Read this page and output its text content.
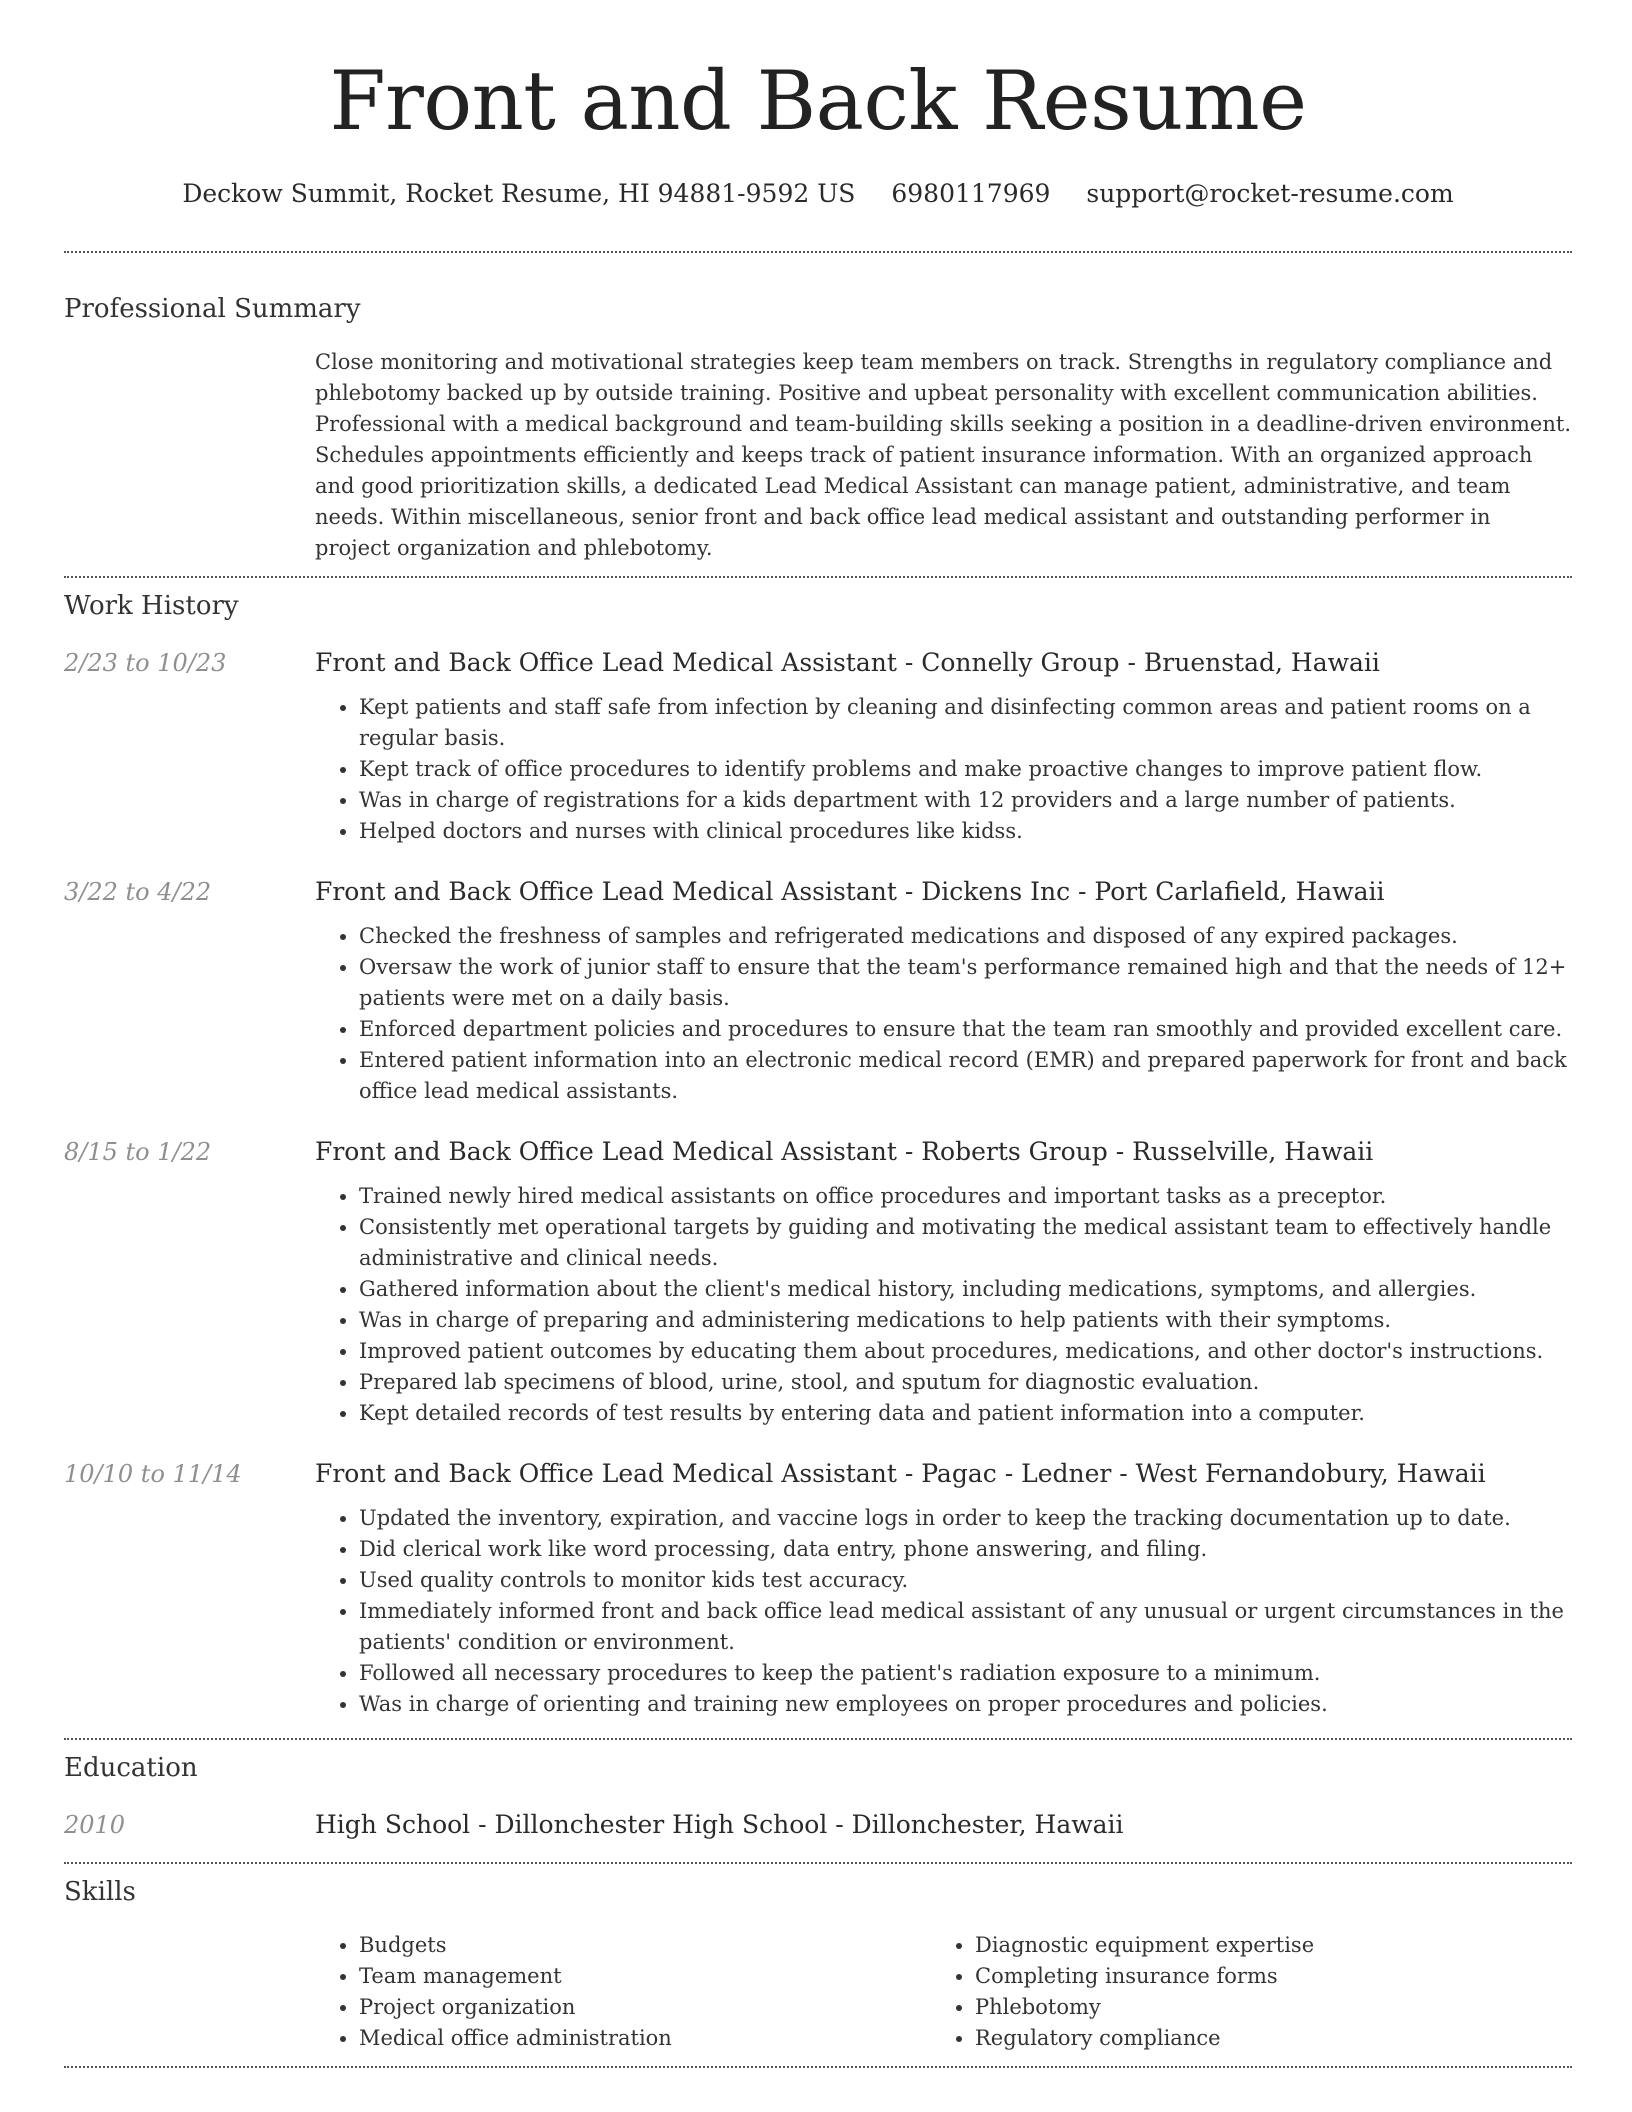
Front and Back Resume
Deckow Summit, Rocket Resume, HI 94881-9592 US 6980117969 support@rocket-resume.com
Professional Summary

Close monitoring and motivational strategies keep team members on track. Strengths in regulatory compliance and phlebotomy backed up by outside training. Positive and upbeat personality with excellent communication abilities. Professional with a medical background and team-building skills seeking a position in a deadline-driven environment. Schedules appointments efficiently and keeps track of patient insurance information. With an organized approach and good prioritization skills, a dedicated Lead Medical Assistant can manage patient, administrative, and team needs. Within miscellaneous, senior front and back office lead medical assistant and outstanding performer in project organization and phlebotomy.

Work History
2/23 to 10/23	Front and Back Office Lead Medical Assistant - Connelly Group - Bruenstad, Hawaii
• Kept patients and staff safe from infection by cleaning and disinfecting common areas and patient rooms on a regular basis.
• Kept track of office procedures to identify problems and make proactive changes to improve patient flow.
• Was in charge of registrations for a kids department with 12 providers and a large number of patients.
• Helped doctors and nurses with clinical procedures like kidss.
3/22 to 4/22	Front and Back Office Lead Medical Assistant - Dickens Inc - Port Carlafield, Hawaii
• Checked the freshness of samples and refrigerated medications and disposed of any expired packages.
• Oversaw the work of junior staff to ensure that the team's performance remained high and that the needs of 12+ patients were met on a daily basis.
• Enforced department policies and procedures to ensure that the team ran smoothly and provided excellent care.
• Entered patient information into an electronic medical record (EMR) and prepared paperwork for front and back office lead medical assistants.
8/15 to 1/22	Front and Back Office Lead Medical Assistant - Roberts Group - Russelville, Hawaii
• Trained newly hired medical assistants on office procedures and important tasks as a preceptor.
• Consistently met operational targets by guiding and motivating the medical assistant team to effectively handle administrative and clinical needs.
• Gathered information about the client's medical history, including medications, symptoms, and allergies.
• Was in charge of preparing and administering medications to help patients with their symptoms.
• Improved patient outcomes by educating them about procedures, medications, and other doctor's instructions.
• Prepared lab specimens of blood, urine, stool, and sputum for diagnostic evaluation.
• Kept detailed records of test results by entering data and patient information into a computer.
10/10 to 11/14	Front and Back Office Lead Medical Assistant - Pagac - Ledner - West Fernandobury, Hawaii
• Updated the inventory, expiration, and vaccine logs in order to keep the tracking documentation up to date.
• Did clerical work like word processing, data entry, phone answering, and filing.
• Used quality controls to monitor kids test accuracy.
• Immediately informed front and back office lead medical assistant of any unusual or urgent circumstances in the patients' condition or environment.
• Followed all necessary procedures to keep the patient's radiation exposure to a minimum.
• Was in charge of orienting and training new employees on proper procedures and policies.
Education
2010	High School - Dillonchester High School - Dillonchester, Hawaii
Skills
• Budgets
• Team management
• Project organization
• Medical office administration
• Diagnostic equipment expertise
• Completing insurance forms
• Phlebotomy
• Regulatory compliance
